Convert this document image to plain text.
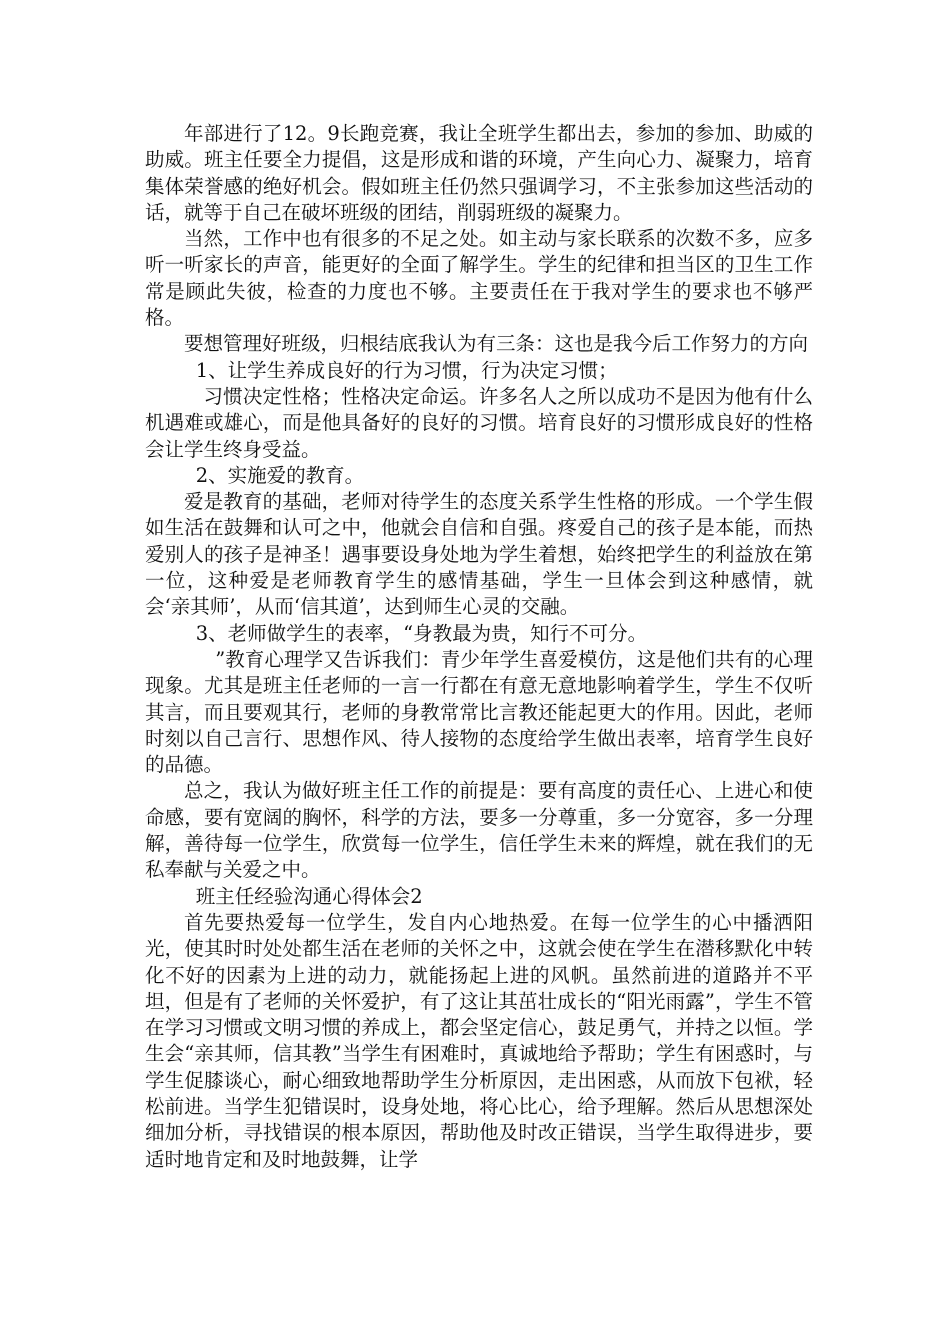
年部进行了12。9长跑竞赛，我让全班学生都出去，参加的参加、助威的助威。班主任要全力提倡，这是形成和谐的环境，产生向心力、凝聚力，培育集体荣誉感的绝好机会。假如班主任仍然只强调学习，不主张参加这些活动的话，就等于自己在破坏班级的团结，削弱班级的凝聚力。

当然，工作中也有很多的不足之处。如主动与家长联系的次数不多，应多听一听家长的声音，能更好的全面了解学生。学生的纪律和担当区的卫生工作常是顾此失彼，检查的力度也不够。主要责任在于我对学生的要求也不够严格。

要想管理好班级，归根结底我认为有三条：这也是我今后工作努力的方向

1、让学生养成良好的行为习惯，行为决定习惯；

习惯决定性格；性格决定命运。许多名人之所以成功不是因为他有什么机遇难或雄心，而是他具备好的良好的习惯。培育良好的习惯形成良好的性格会让学生终身受益。

2、实施爱的教育。

爱是教育的基础，老师对待学生的态度关系学生性格的形成。一个学生假如生活在鼓舞和认可之中，他就会自信和自强。疼爱自己的孩子是本能，而热爱别人的孩子是神圣！遇事要设身处地为学生着想，始终把学生的利益放在第一位，这种爱是老师教育学生的感情基础，学生一旦体会到这种感情，就会‘亲其师’，从而‘信其道’，达到师生心灵的交融。

3、老师做学生的表率，“身教最为贵，知行不可分。

”教育心理学又告诉我们：青少年学生喜爱模仿，这是他们共有的心理现象。尤其是班主任老师的一言一行都在有意无意地影响着学生，学生不仅听其言，而且要观其行，老师的身教常常比言教还能起更大的作用。因此，老师时刻以自己言行、思想作风、待人接物的态度给学生做出表率，培育学生良好的品德。

总之，我认为做好班主任工作的前提是：要有高度的责任心、上进心和使命感，要有宽阔的胸怀，科学的方法，要多一分尊重，多一分宽容，多一分理解，善待每一位学生，欣赏每一位学生，信任学生未来的辉煌，就在我们的无私奉献与关爱之中。

班主任经验沟通心得体会2

首先要热爱每一位学生，发自内心地热爱。在每一位学生的心中播洒阳光，使其时时处处都生活在老师的关怀之中，这就会使在学生在潜移默化中转化不好的因素为上进的动力，就能扬起上进的风帆。虽然前进的道路并不平坦，但是有了老师的关怀爱护，有了这让其茁壮成长的“阳光雨露”，学生不管在学习习惯或文明习惯的养成上，都会坚定信心，鼓足勇气，并持之以恒。学生会“亲其师，信其教”当学生有困难时，真诚地给予帮助；学生有困惑时，与学生促膝谈心，耐心细致地帮助学生分析原因，走出困惑，从而放下包袱，轻松前进。当学生犯错误时，设身处地，将心比心，给予理解。然后从思想深处细加分析，寻找错误的根本原因，帮助他及时改正错误，当学生取得进步，要适时地肯定和及时地鼓舞，让学
